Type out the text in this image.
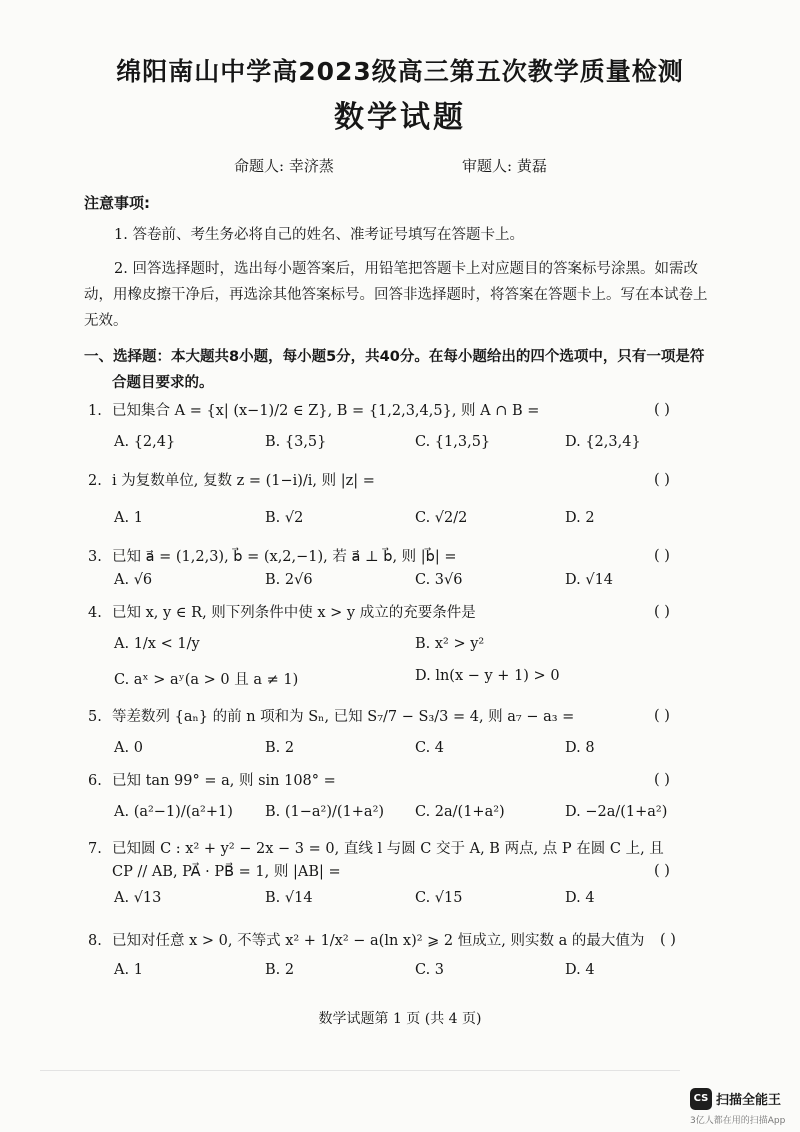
绵阳南山中学高2023级高三第五次教学质量检测
数学试题
命题人: 幸济蒸	审题人: 黄磊
注意事项:
1. 答卷前、考生务必将自己的姓名、准考证号填写在答题卡上。
2. 回答选择题时，选出每小题答案后，用铅笔把答题卡上对应题目的答案标号涂黑。如需改动，用橡皮擦干净后，再选涂其他答案标号。回答非选择题时，将答案在答题卡上。写在本试卷上无效。
一、选择题：本大题共8小题，每小题5分，共40分。在每小题给出的四个选项中，只有一项是符
合题目要求的。
1. 已知集合 A = {x| (x−1)/2 ∈ Z}, B = {1,2,3,4,5}, 则 A ∩ B =	( )
A. {2,4}	B. {3,5}	C. {1,3,5}	D. {2,3,4}
2. i 为复数单位, 复数 z = (1−i)/i, 则 |z| =	( )
A. 1	B. √2	C. √2/2	D. 2
3. 已知 a⃗ = (1,2,3), b⃗ = (x,2,−1), 若 a⃗ ⊥ b⃗, 则 |b⃗| =	( )
A. √6	B. 2√6	C. 3√6	D. √14
4. 已知 x, y ∈ R, 则下列条件中使 x > y 成立的充要条件是	( )
A. 1/x < 1/y	B. x² > y²
C. aˣ > aʸ(a > 0 且 a ≠ 1)	D. ln(x − y + 1) > 0
5. 等差数列 {aₙ} 的前 n 项和为 Sₙ, 已知 S₇/7 − S₃/3 = 4, 则 a₇ − a₃ =	( )
A. 0	B. 2	C. 4	D. 8
6. 已知 tan 99° = a, 则 sin 108° =	( )
A. (a²−1)/(a²+1) B. (1−a²)/(1+a²) C. 2a/(1+a²)	D. −2a/(1+a²)
7. 已知圆 C : x² + y² − 2x − 3 = 0, 直线 l 与圆 C 交于 A, B 两点, 点 P 在圆 C 上, 且
CP // AB, PA⃗ · PB⃗ = 1, 则 |AB| =	( )
A. √13	B. √14	C. √15	D. 4
8. 已知对任意 x > 0, 不等式 x² + 1/x² − a(ln x)² ⩾ 2 恒成立, 则实数 a 的最大值为	( )
A. 1	B. 2	C. 3	D. 4
数学试题第 1 页 (共 4 页)
CS 扫描全能王
3亿人都在用的扫描App
